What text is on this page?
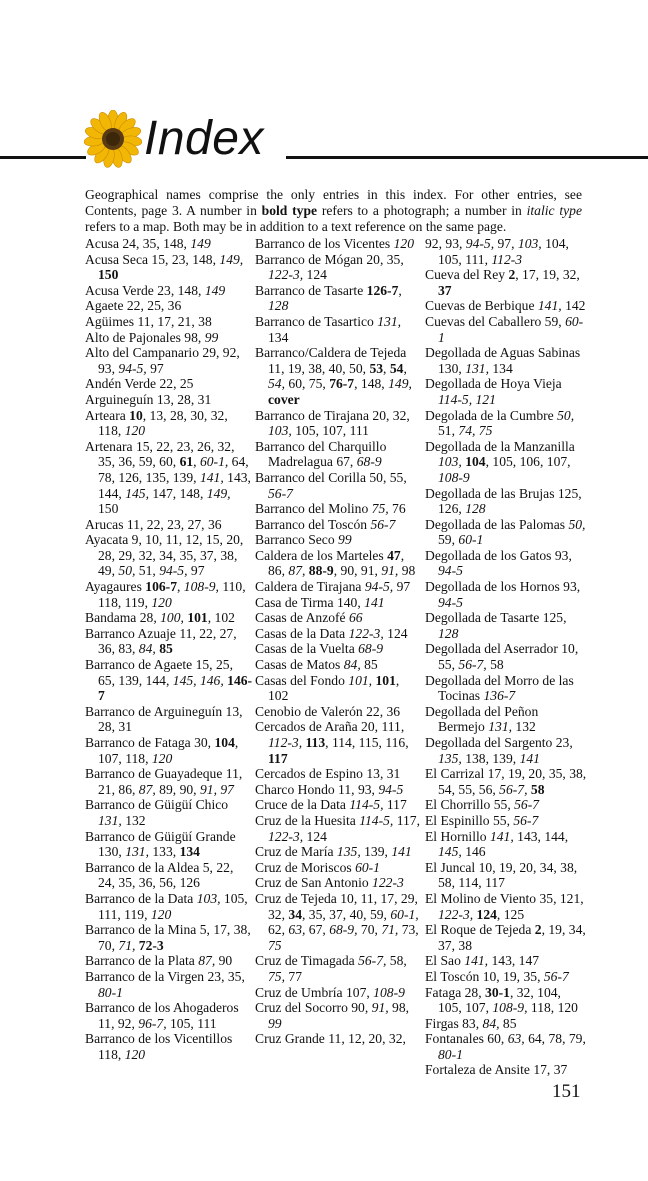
Index
Geographical names comprise the only entries in this index. For other entries, see Contents, page 3. A number in bold type refers to a photograph; a number in italic type refers to a map. Both may be in addition to a text reference on the same page.
Acusa 24, 35, 148, 149
Acusa Seca 15, 23, 148, 149, 150
Acusa Verde 23, 148, 149
Agaete 22, 25, 36
Agüimes 11, 17, 21, 38
Alto de Pajonales 98, 99
Alto del Campanario 29, 92, 93, 94-5, 97
Andén Verde 22, 25
Arguineguín 13, 28, 31
Arteara 10, 13, 28, 30, 32, 118, 120
Artenara 15, 22, 23, 26, 32, 35, 36, 59, 60, 61, 60-1, 64, 78, 126, 135, 139, 141, 143, 144, 145, 147, 148, 149, 150
Arucas 11, 22, 23, 27, 36
Ayacata 9, 10, 11, 12, 15, 20, 28, 29, 32, 34, 35, 37, 38, 49, 50, 51, 94-5, 97
Ayagaures 106-7, 108-9, 110, 118, 119, 120
Bandama 28, 100, 101, 102
Barranco Azuaje 11, 22, 27, 36, 83, 84, 85
Barranco de Agaete 15, 25, 65, 139, 144, 145, 146, 146-7
Barranco de Arguineguín 13, 28, 31
Barranco de Fataga 30, 104, 107, 118, 120
Barranco de Guayadeque 11, 21, 86, 87, 89, 90, 91, 97
Barranco de Güigüí Chico 131, 132
Barranco de Güigüí Grande 130, 131, 133, 134
Barranco de la Aldea 5, 22, 24, 35, 36, 56, 126
Barranco de la Data 103, 105, 111, 119, 120
Barranco de la Mina 5, 17, 38, 70, 71, 72-3
Barranco de la Plata 87, 90
Barranco de la Virgen 23, 35, 80-1
Barranco de los Ahogaderos 11, 92, 96-7, 105, 111
Barranco de los Vicentillos 118, 120
Barranco de los Vicentes 120
Barranco de Mógan 20, 35, 122-3, 124
Barranco de Tasarte 126-7, 128
Barranco de Tasartico 131, 134
Barranco/Caldera de Tejeda 11, 19, 38, 40, 50, 53, 54, 54, 60, 75, 76-7, 148, 149, cover
Barranco de Tirajana 20, 32, 103, 105, 107, 111
Barranco del Charquillo Madrelagua 67, 68-9
Barranco del Corilla 50, 55, 56-7
Barranco del Molino 75, 76
Barranco del Toscón 56-7
Barranco Seco 99
Caldera de los Marteles 47, 86, 87, 88-9, 90, 91, 91, 98
Caldera de Tirajana 94-5, 97
Casa de Tirma 140, 141
Casas de Anzofé 66
Casas de la Data 122-3, 124
Casas de la Vuelta 68-9
Casas de Matos 84, 85
Casas del Fondo 101, 101, 102
Cenobio de Valerón 22, 36
Cercados de Araña 20, 111, 112-3, 113, 114, 115, 116, 117
Cercados de Espino 13, 31
Charco Hondo 11, 93, 94-5
Cruce de la Data 114-5, 117
Cruz de la Huesita 114-5, 117, 122-3, 124
Cruz de María 135, 139, 141
Cruz de Moriscos 60-1
Cruz de San Antonio 122-3
Cruz de Tejeda 10, 11, 17, 29, 32, 34, 35, 37, 40, 59, 60-1, 62, 63, 67, 68-9, 70, 71, 73, 75
Cruz de Timagada 56-7, 58, 75, 77
Cruz de Umbría 107, 108-9
Cruz del Socorro 90, 91, 98, 99
Cruz Grande 11, 12, 20, 32,
92, 93, 94-5, 97, 103, 104, 105, 111, 112-3
Cueva del Rey 2, 17, 19, 32, 37
Cuevas de Berbique 141, 142
Cuevas del Caballero 59, 60-1
Degollada de Aguas Sabinas 130, 131, 134
Degollada de Hoya Vieja 114-5, 121
Degolada de la Cumbre 50, 51, 74, 75
Degollada de la Manzanilla 103, 104, 105, 106, 107, 108-9
Degollada de las Brujas 125, 126, 128
Degollada de las Palomas 50, 59, 60-1
Degollada de los Gatos 93, 94-5
Degollada de los Hornos 93, 94-5
Degollada de Tasarte 125, 128
Degollada del Aserrador 10, 55, 56-7, 58
Degollada del Morro de las Tocinas 136-7
Degollada del Peñon Bermejo 131, 132
Degollada del Sargento 23, 135, 138, 139, 141
El Carrizal 17, 19, 20, 35, 38, 54, 55, 56, 56-7, 58
El Chorrillo 55, 56-7
El Espinillo 55, 56-7
El Hornillo 141, 143, 144, 145, 146
El Juncal 10, 19, 20, 34, 38, 58, 114, 117
El Molino de Viento 35, 121, 122-3, 124, 125
El Roque de Tejeda 2, 19, 34, 37, 38
El Sao 141, 143, 147
El Toscón 10, 19, 35, 56-7
Fataga 28, 30-1, 32, 104, 105, 107, 108-9, 118, 120
Firgas 83, 84, 85
Fontanales 60, 63, 64, 78, 79, 80-1
Fortaleza de Ansite 17, 37
151
